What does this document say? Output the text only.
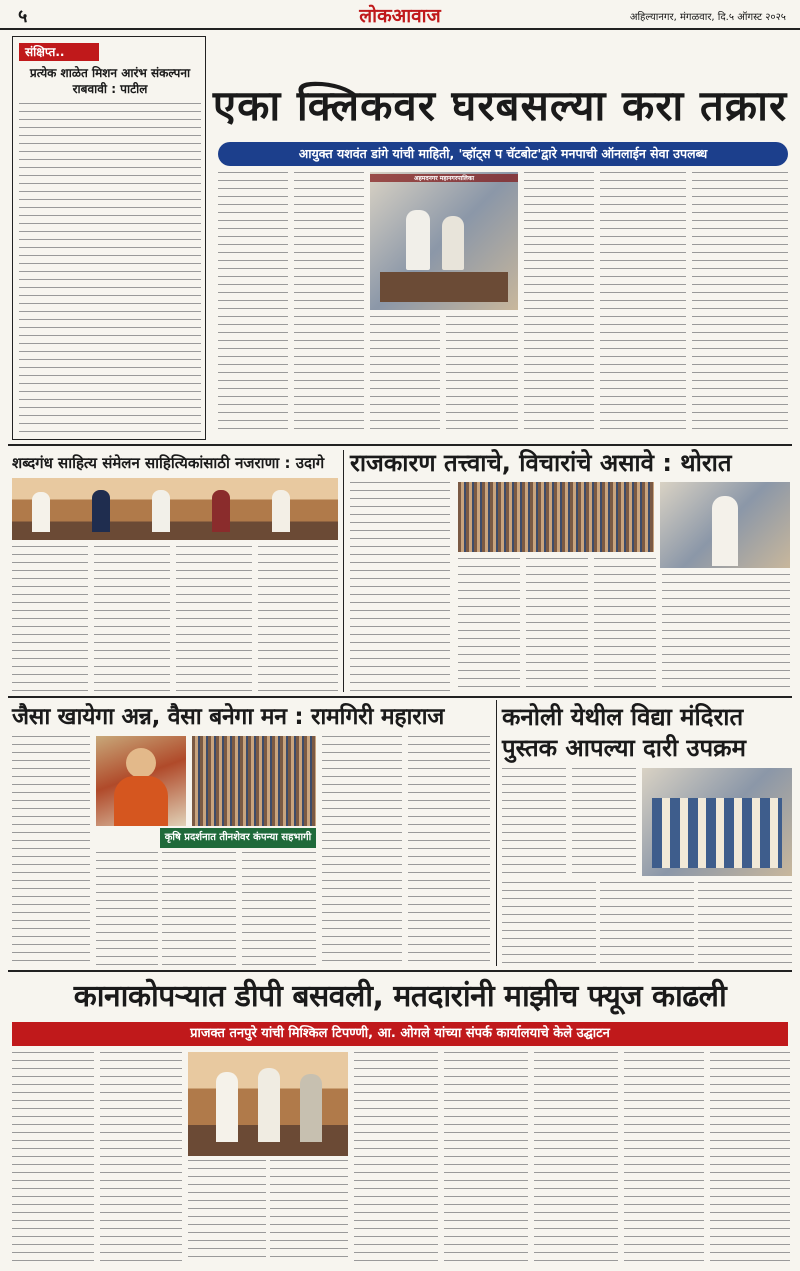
५	लोकआवाज	अहिल्यानगर, मंगळवार, दि.५ ऑगस्ट २०२५
संक्षिप्त..
प्रत्येक शाळेत मिशन आरंभ संकल्पना राबवावी : पाटील	एका क्लिकवर घरबसल्या करा तक्रार
आयुक्त यशवंत डांगे यांची माहिती, 'व्हॉट्स प चॅटबोट'द्वारे मनपाची ऑनलाईन सेवा उपलब्ध
अहमदनगर महानगरपालिका
शब्दगंध साहित्य संमेलन साहित्यिकांसाठी नजराणा : उदागे	राजकारण तत्त्वाचे, विचारांचे असावे : थोरात
जैसा खायेगा अन्न, वैसा बनेगा मन : रामगिरी महाराज
कृषि प्रदर्शनात तीनशेवर कंपन्या सहभागी
कनोली येथील विद्या मंदिरात पुस्तक आपल्या दारी उपक्रम
कानाकोपऱ्यात डीपी बसवली, मतदारांनी माझीच फ्यूज काढली
प्राजक्त तनपुरे यांची मिश्किल टिपण्णी, आ. ओगले यांच्या संपर्क कार्यालयाचे केले उद्घाटन
